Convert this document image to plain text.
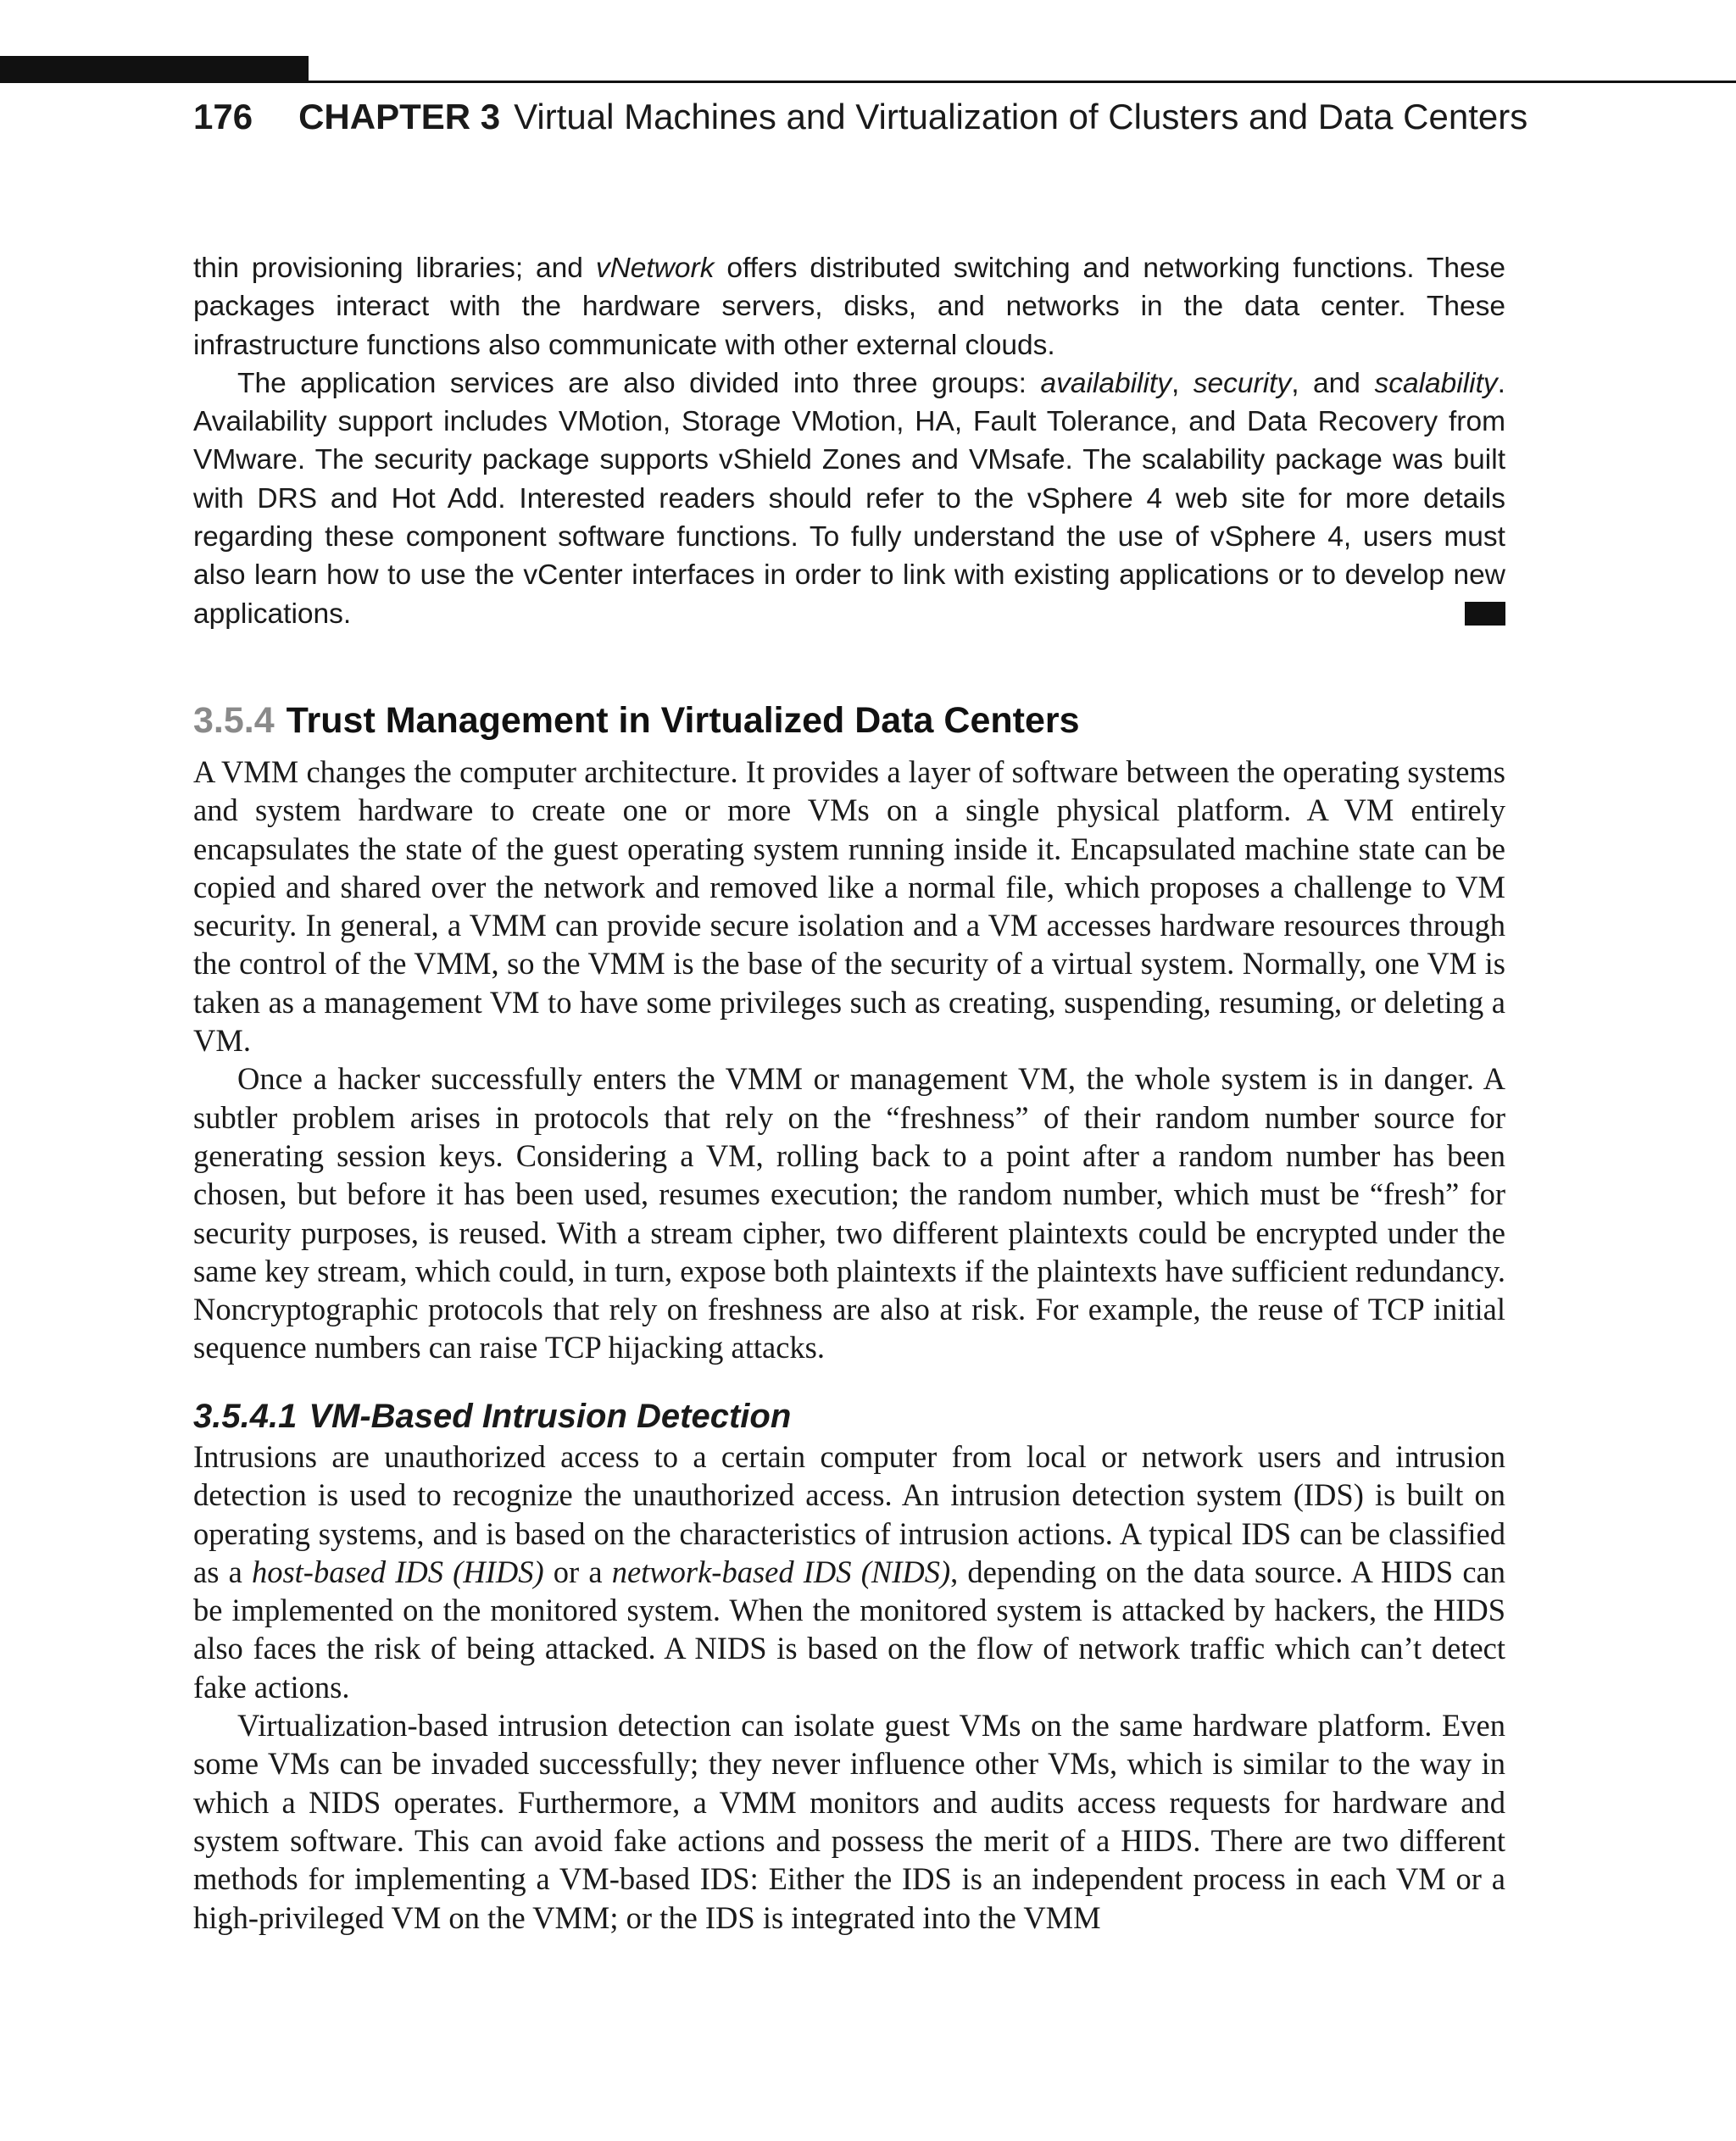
176 CHAPTER 3 Virtual Machines and Virtualization of Clusters and Data Centers

thin provisioning libraries; and vNetwork offers distributed switching and networking functions. These packages interact with the hardware servers, disks, and networks in the data center. These infrastructure functions also communicate with other external clouds.

The application services are also divided into three groups: availability, security, and scalability. Availability support includes VMotion, Storage VMotion, HA, Fault Tolerance, and Data Recovery from VMware. The security package supports vShield Zones and VMsafe. The scalability package was built with DRS and Hot Add. Interested readers should refer to the vSphere 4 web site for more details regarding these component software functions. To fully understand the use of vSphere 4, users must also learn how to use the vCenter interfaces in order to link with existing applications or to develop new applications.

3.5.4 Trust Management in Virtualized Data Centers

A VMM changes the computer architecture. It provides a layer of software between the operating systems and system hardware to create one or more VMs on a single physical platform. A VM entirely encapsulates the state of the guest operating system running inside it. Encapsulated machine state can be copied and shared over the network and removed like a normal file, which proposes a challenge to VM security. In general, a VMM can provide secure isolation and a VM accesses hardware resources through the control of the VMM, so the VMM is the base of the security of a virtual system. Normally, one VM is taken as a management VM to have some privileges such as creating, suspending, resuming, or deleting a VM.

Once a hacker successfully enters the VMM or management VM, the whole system is in danger. A subtler problem arises in protocols that rely on the “freshness” of their random number source for generating session keys. Considering a VM, rolling back to a point after a random number has been chosen, but before it has been used, resumes execution; the random number, which must be “fresh” for security purposes, is reused. With a stream cipher, two different plaintexts could be encrypted under the same key stream, which could, in turn, expose both plaintexts if the plaintexts have sufficient redundancy. Noncryptographic protocols that rely on freshness are also at risk. For example, the reuse of TCP initial sequence numbers can raise TCP hijacking attacks.

3.5.4.1 VM-Based Intrusion Detection

Intrusions are unauthorized access to a certain computer from local or network users and intrusion detection is used to recognize the unauthorized access. An intrusion detection system (IDS) is built on operating systems, and is based on the characteristics of intrusion actions. A typical IDS can be classified as a host-based IDS (HIDS) or a network-based IDS (NIDS), depending on the data source. A HIDS can be implemented on the monitored system. When the monitored system is attacked by hackers, the HIDS also faces the risk of being attacked. A NIDS is based on the flow of network traffic which can’t detect fake actions.

Virtualization-based intrusion detection can isolate guest VMs on the same hardware platform. Even some VMs can be invaded successfully; they never influence other VMs, which is similar to the way in which a NIDS operates. Furthermore, a VMM monitors and audits access requests for hardware and system software. This can avoid fake actions and possess the merit of a HIDS. There are two different methods for implementing a VM-based IDS: Either the IDS is an independent process in each VM or a high-privileged VM on the VMM; or the IDS is integrated into the VMM
